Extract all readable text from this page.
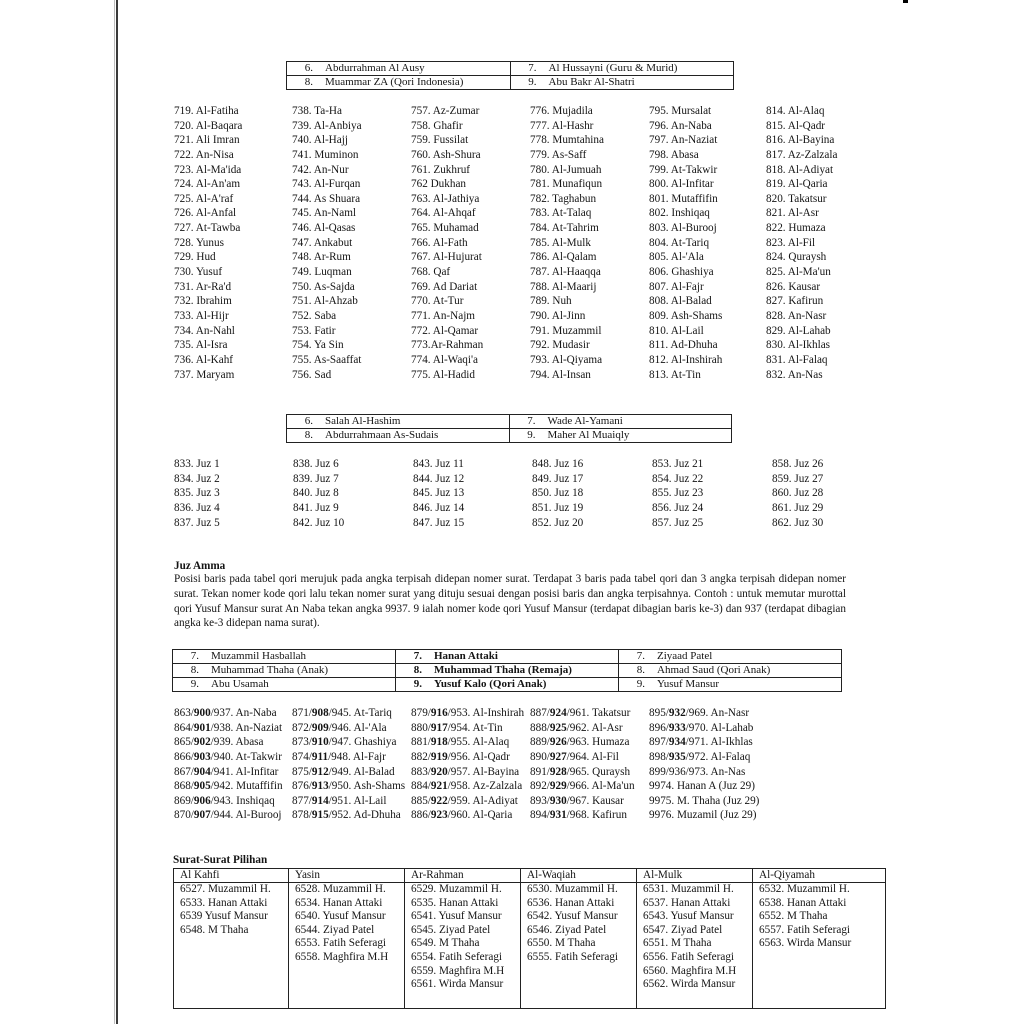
6. Abdurrahman Al Ausy	7. Al Hussayni (Guru & Murid)
8. Muammar ZA (Qori Indonesia)	9. Abu Bakr Al-Shatri
719. Al-Fatiha
720. Al-Baqara
721. Ali Imran
722. An-Nisa
723. Al-Ma'ida
724. Al-An'am
725. Al-A'raf
726. Al-Anfal
727. At-Tawba
728. Yunus
729. Hud
730. Yusuf
731. Ar-Ra'd
732. Ibrahim
733. Al-Hijr
734. An-Nahl
735. Al-Isra
736. Al-Kahf
737. Maryam
738. Ta-Ha
739. Al-Anbiya
740. Al-Hajj
741. Muminon
742. An-Nur
743. Al-Furqan
744. As Shuara
745. An-Naml
746. Al-Qasas
747. Ankabut
748. Ar-Rum
749. Luqman
750. As-Sajda
751. Al-Ahzab
752. Saba
753. Fatir
754. Ya Sin
755. As-Saaffat
756. Sad
757. Az-Zumar
758. Ghafir
759. Fussilat
760. Ash-Shura
761. Zukhruf
762 Dukhan
763. Al-Jathiya
764. Al-Ahqaf
765. Muhamad
766. Al-Fath
767. Al-Hujurat
768. Qaf
769. Ad Dariat
770. At-Tur
771. An-Najm
772. Al-Qamar
773.Ar-Rahman
774. Al-Waqi'a
775. Al-Hadid
776. Mujadila
777. Al-Hashr
778. Mumtahina
779. As-Saff
780. Al-Jumuah
781. Munafiqun
782. Taghabun
783. At-Talaq
784. At-Tahrim
785. Al-Mulk
786. Al-Qalam
787. Al-Haaqqa
788. Al-Maarij
789. Nuh
790. Al-Jinn
791. Muzammil
792. Mudasir
793. Al-Qiyama
794. Al-Insan
795. Mursalat
796. An-Naba
797. An-Naziat
798. Abasa
799. At-Takwir
800. Al-Infitar
801. Mutaffifin
802. Inshiqaq
803. Al-Burooj
804. At-Tariq
805. Al-'Ala
806. Ghashiya
807. Al-Fajr
808. Al-Balad
809. Ash-Shams
810. Al-Lail
811. Ad-Dhuha
812. Al-Inshirah
813. At-Tin
814. Al-Alaq
815. Al-Qadr
816. Al-Bayina
817. Az-Zalzala
818. Al-Adiyat
819. Al-Qaria
820. Takatsur
821. Al-Asr
822. Humaza
823. Al-Fil
824. Quraysh
825. Al-Ma'un
826. Kausar
827. Kafirun
828. An-Nasr
829. Al-Lahab
830. Al-Ikhlas
831. Al-Falaq
832. An-Nas
6. Salah Al-Hashim	7. Wade Al-Yamani
8. Abdurrahmaan As-Sudais	9. Maher Al Muaiqly
833. Juz 1
834. Juz 2
835. Juz 3
836. Juz 4
837. Juz 5
838. Juz 6
839. Juz 7
840. Juz 8
841. Juz 9
842. Juz 10
843. Juz 11
844. Juz 12
845. Juz 13
846. Juz 14
847. Juz 15
848. Juz 16
849. Juz 17
850. Juz 18
851. Juz 19
852. Juz 20
853. Juz 21
854. Juz 22
855. Juz 23
856. Juz 24
857. Juz 25
858. Juz 26
859. Juz 27
860. Juz 28
861. Juz 29
862. Juz 30
Juz Amma
Posisi baris pada tabel qori merujuk pada angka terpisah didepan nomer surat. Terdapat 3 baris pada tabel qori dan 3 angka terpisah didepan nomer surat. Tekan nomer kode qori lalu tekan nomer surat yang dituju sesuai dengan posisi baris dan angka terpisahnya. Contoh : untuk memutar murottal qori Yusuf Mansur surat An Naba tekan angka 9937. 9 ialah nomer kode qori Yusuf Mansur (terdapat dibagian baris ke-3) dan 937 (terdapat dibagian angka ke-3 didepan nama surat).
7. Muzammil Hasballah	7. Hanan Attaki	7. Ziyaad Patel
8. Muhammad Thaha (Anak)	8. Muhammad Thaha (Remaja)	8. Ahmad Saud (Qori Anak)
9. Abu Usamah	9. Yusuf Kalo (Qori Anak)	9. Yusuf Mansur
863/900/937. An-Naba
864/901/938. An-Naziat
865/902/939. Abasa
866/903/940. At-Takwir
867/904/941. Al-Infitar
868/905/942. Mutaffifin
869/906/943. Inshiqaq
870/907/944. Al-Burooj
871/908/945. At-Tariq
872/909/946. Al-'Ala
873/910/947. Ghashiya
874/911/948. Al-Fajr
875/912/949. Al-Balad
876/913/950. Ash-Shams
877/914/951. Al-Lail
878/915/952. Ad-Dhuha
879/916/953. Al-Inshirah
880/917/954. At-Tin
881/918/955. Al-Alaq
882/919/956. Al-Qadr
883/920/957. Al-Bayina
884/921/958. Az-Zalzala
885/922/959. Al-Adiyat
886/923/960. Al-Qaria
887/924/961. Takatsur
888/925/962. Al-Asr
889/926/963. Humaza
890/927/964. Al-Fil
891/928/965. Quraysh
892/929/966. Al-Ma'un
893/930/967. Kausar
894/931/968. Kafirun
895/932/969. An-Nasr
896/933/970. Al-Lahab
897/934/971. Al-Ikhlas
898/935/972. Al-Falaq
899/936/973. An-Nas
9974. Hanan A (Juz 29)
9975. M. Thaha (Juz 29)
9976. Muzamil (Juz 29)
Surat-Surat Pilihan
Al Kahfi	Yasin	Ar-Rahman	Al-Waqiah	Al-Mulk	Al-Qiyamah

6527. Muzammil H.
6533. Hanan Attaki
6539 Yusuf Mansur
6548. M Thaha

6528. Muzammil H.
6534. Hanan Attaki
6540. Yusuf Mansur
6544. Ziyad Patel
6553. Fatih Seferagi
6558. Maghfira M.H

6529. Muzammil H.
6535. Hanan Attaki
6541. Yusuf Mansur
6545. Ziyad Patel
6549. M Thaha
6554. Fatih Seferagi
6559. Maghfira M.H
6561. Wirda Mansur

6530. Muzammil H.
6536. Hanan Attaki
6542. Yusuf Mansur
6546. Ziyad Patel
6550. M Thaha
6555. Fatih Seferagi

6531. Muzammil H.
6537. Hanan Attaki
6543. Yusuf Mansur
6547. Ziyad Patel
6551. M Thaha
6556. Fatih Seferagi
6560. Maghfira M.H
6562. Wirda Mansur

6532. Muzammil H.
6538. Hanan Attaki
6552. M Thaha
6557. Fatih Seferagi
6563. Wirda Mansur
